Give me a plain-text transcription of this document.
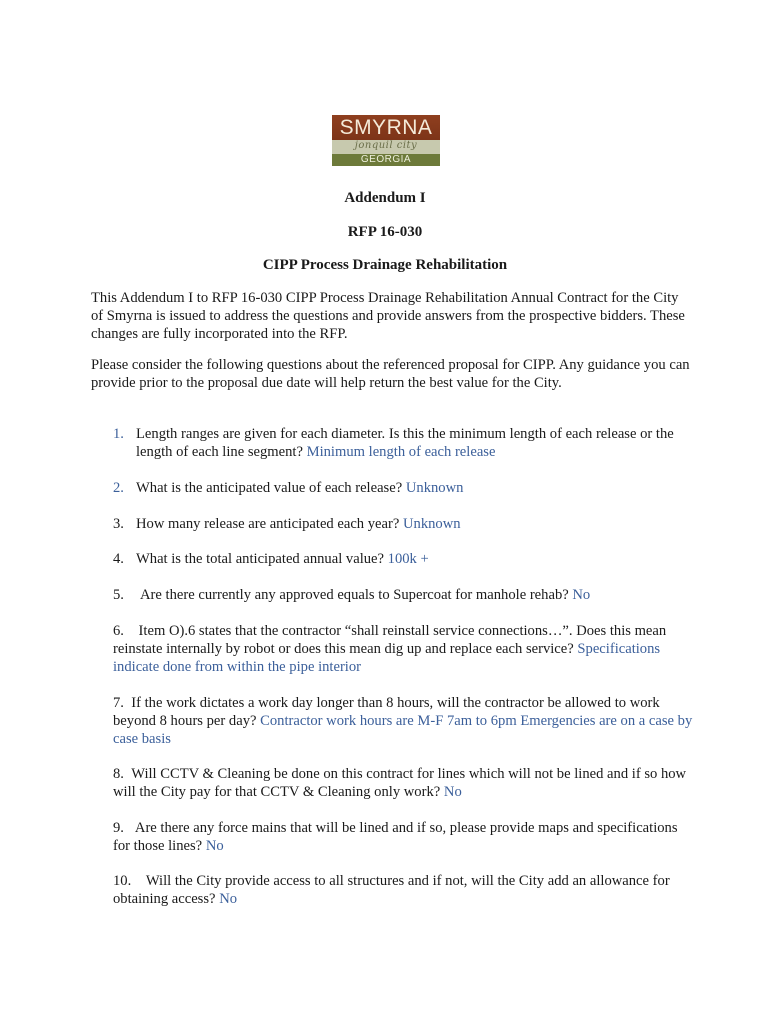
SMYRNA
jonquil city
GEORGIA
Addendum I
RFP 16-030
CIPP Process Drainage Rehabilitation
This Addendum I to RFP 16-030 CIPP Process Drainage Rehabilitation Annual Contract for the City of Smyrna is issued to address the questions and provide answers from the prospective bidders. These changes are fully incorporated into the RFP.
Please consider the following questions about the referenced proposal for CIPP. Any guidance you can provide prior to the proposal due date will help return the best value for the City.
1. Length ranges are given for each diameter. Is this the minimum length of each release or the length of each line segment? Minimum length of each release
2. What is the anticipated value of each release? Unknown
3. How many release are anticipated each year? Unknown
4. What is the total anticipated annual value? 100k +
5. Are there currently any approved equals to Supercoat for manhole rehab? No
6. Item O).6 states that the contractor “shall reinstall service connections…”. Does this mean reinstate internally by robot or does this mean dig up and replace each service? Specifications indicate done from within the pipe interior
7. If the work dictates a work day longer than 8 hours, will the contractor be allowed to work beyond 8 hours per day? Contractor work hours are M-F 7am to 6pm Emergencies are on a case by case basis
8. Will CCTV & Cleaning be done on this contract for lines which will not be lined and if so how will the City pay for that CCTV & Cleaning only work? No
9. Are there any force mains that will be lined and if so, please provide maps and specifications for those lines? No
10. Will the City provide access to all structures and if not, will the City add an allowance for obtaining access? No
